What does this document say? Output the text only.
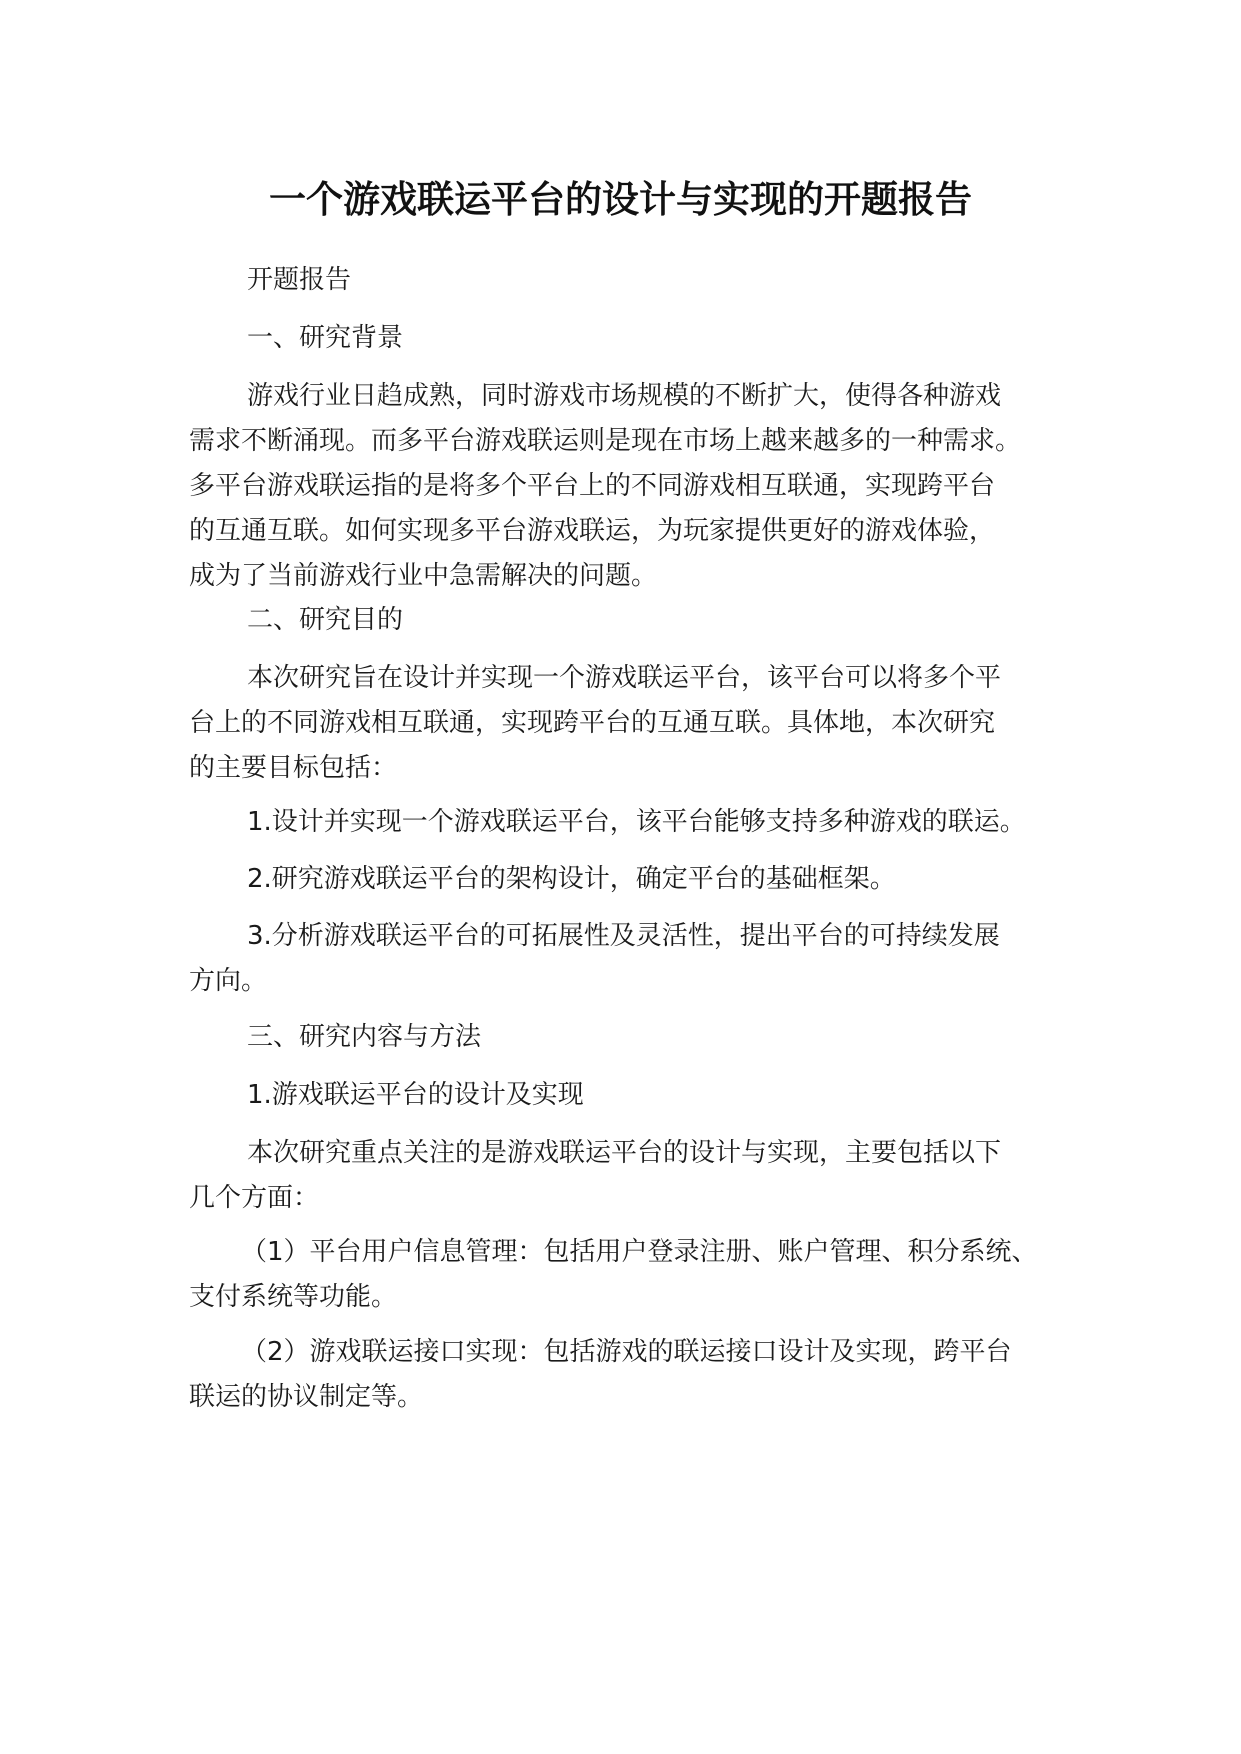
一个游戏联运平台的设计与实现的开题报告

开题报告

一、研究背景

游戏行业日趋成熟，同时游戏市场规模的不断扩大，使得各种游戏
需求不断涌现。而多平台游戏联运则是现在市场上越来越多的一种需求。
多平台游戏联运指的是将多个平台上的不同游戏相互联通，实现跨平台
的互通互联。如何实现多平台游戏联运，为玩家提供更好的游戏体验，
成为了当前游戏行业中急需解决的问题。

二、研究目的

本次研究旨在设计并实现一个游戏联运平台，该平台可以将多个平
台上的不同游戏相互联通，实现跨平台的互通互联。具体地，本次研究
的主要目标包括：

1.设计并实现一个游戏联运平台，该平台能够支持多种游戏的联运。

2.研究游戏联运平台的架构设计，确定平台的基础框架。

3.分析游戏联运平台的可拓展性及灵活性，提出平台的可持续发展
方向。

三、研究内容与方法

1.游戏联运平台的设计及实现

本次研究重点关注的是游戏联运平台的设计与实现，主要包括以下
几个方面：

（1）平台用户信息管理：包括用户登录注册、账户管理、积分系统、
支付系统等功能。

（2）游戏联运接口实现：包括游戏的联运接口设计及实现，跨平台
联运的协议制定等。
